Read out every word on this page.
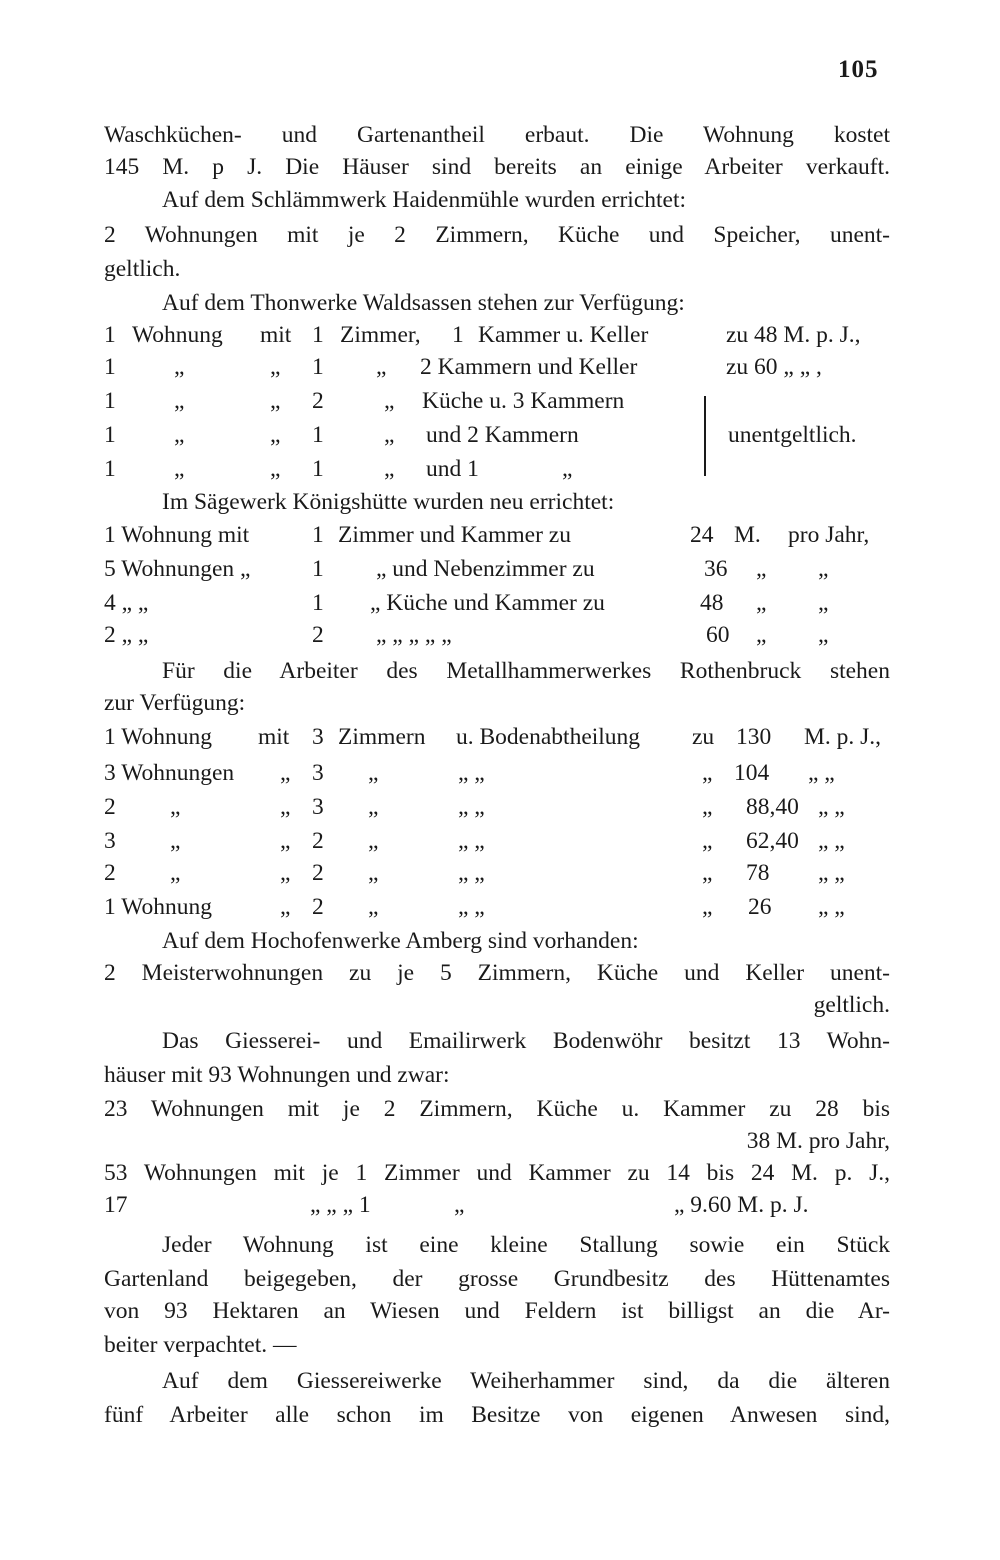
105
Waschküchen- und Gartenantheil erbaut. Die Wohnung kostet
145 M. p J. Die Häuser sind bereits an einige Arbeiter verkauft.
Auf dem Schlämmwerk Haidenmühle wurden errichtet:
2 Wohnungen mit je 2 Zimmern, Küche und Speicher, unent-
geltlich.
Auf dem Thonwerke Waldsassen stehen zur Verfügung:
1 Wohnung mit 1 Zimmer, 1 Kammer u. Keller	zu 48 M. p. J.,
1 „	„ 1 „ 2 Kammern und Keller	zu 60 „ „ ,
1 „	„ 2	„ Küche u. 3 Kammern
1 „	„ 1	„ und 2 Kammern	unentgeltlich.
1 „	„ 1	„ und 1	„
Im Sägewerk Königshütte wurden neu errichtet:
1 Wohnung mit	1 Zimmer und Kammer zu	24 M. pro Jahr,
5 Wohnungen „	1 „ und Nebenzimmer zu	36 „ „
4 „ „	1 „ Küche und Kammer zu	48 „ „
2 „ „	2 „ „ „ „ „	60 „ „
Für die Arbeiter des Metallhammerwerkes Rothenbruck stehen
zur Verfügung:
1 Wohnung mit 3 Zimmern u. Bodenabtheilung zu 130 M. p. J.,
3 Wohnungen „ 3 „	„ „	„ 104 „ „
2 „	„ 3 „	„ „	„ 88,40 „ „
3 „	„ 2 „	„ „	„ 62,40 „ „
2 „	„ 2 „	„ „	„ 78 „ „
1 Wohnung	„ 2 „	„ „	„ 26 „ „
Auf dem Hochofenwerke Amberg sind vorhanden:
2 Meisterwohnungen zu je 5 Zimmern, Küche und Keller unent-
geltlich.
Das Giesserei- und Emailirwerk Bodenwöhr besitzt 13 Wohn-
häuser mit 93 Wohnungen und zwar:
23 Wohnungen mit je 2 Zimmern, Küche u. Kammer zu 28 bis
38 M. pro Jahr,
53 Wohnungen mit je 1 Zimmer und Kammer zu 14 bis 24 M. p. J.,
17	„ „ „ 1	„	„ 9.60 M. p. J.
Jeder Wohnung ist eine kleine Stallung sowie ein Stück
Gartenland beigegeben, der grosse Grundbesitz des Hüttenamtes
von 93 Hektaren an Wiesen und Feldern ist billigst an die Ar-
beiter verpachtet. —
Auf dem Giessereiwerke Weiherhammer sind, da die älteren
fünf Arbeiter alle schon im Besitze von eigenen Anwesen sind,
